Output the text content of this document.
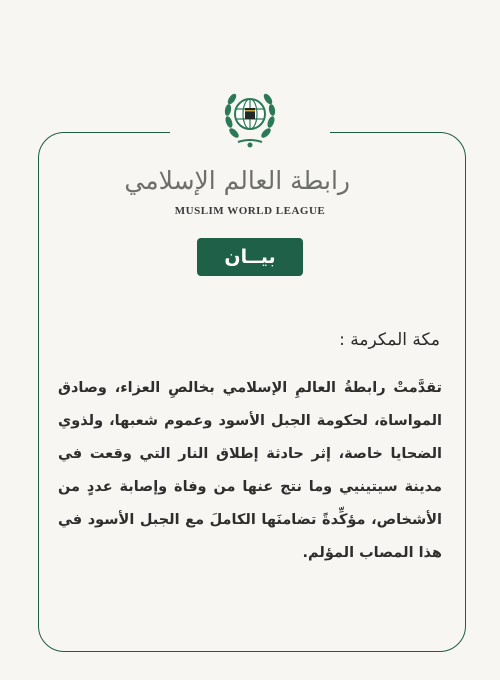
رابطة العالم الإسلامي
MUSLIM WORLD LEAGUE
بيــان
مكة المكرمة :
تقدَّمتْ رابطةُ العالمِ الإسلامي بخالصِ العزاء، وصادق المواساة، لحكومة الجبل الأسود وعموم شعبها، ولذوي الضحايا خاصة، إثر حادثة إطلاق النار التي وقعت في مدينة سيتينيي وما نتج عنها من وفاة وإصابة عددٍ من الأشخاص، مؤكِّدةً تضامنَها الكاملَ مع الجبل الأسود في هذا المصاب المؤلم.
